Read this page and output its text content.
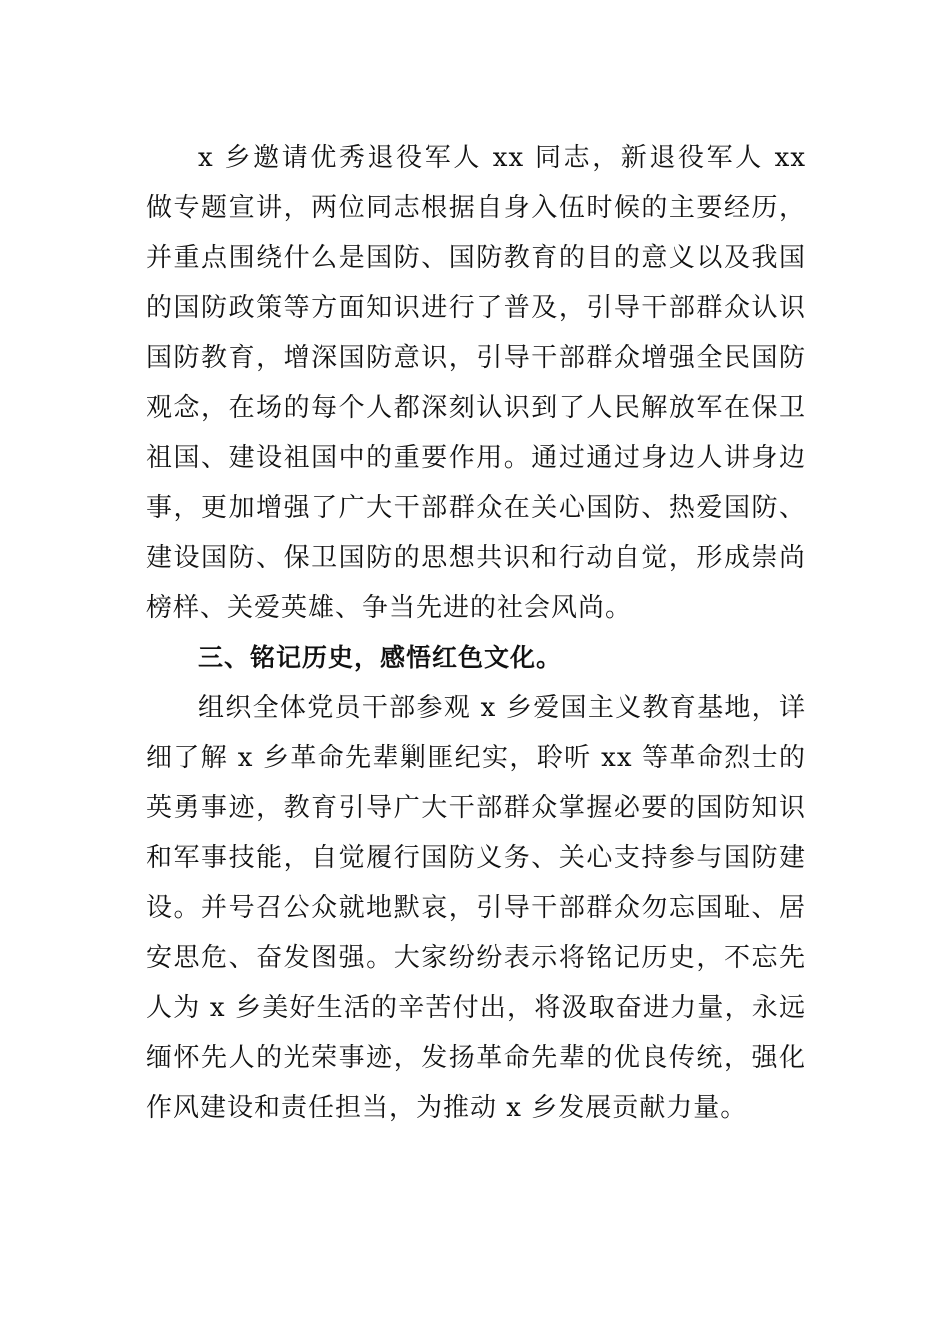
x 乡邀请优秀退役军人 xx 同志，新退役军人 xx 做专题宣讲，两位同志根据自身入伍时候的主要经历，并重点围绕什么是国防、国防教育的目的意义以及我国的国防政策等方面知识进行了普及，引导干部群众认识国防教育，增深国防意识，引导干部群众增强全民国防观念，在场的每个人都深刻认识到了人民解放军在保卫祖国、建设祖国中的重要作用。通过通过身边人讲身边事，更加增强了广大干部群众在关心国防、热爱国防、建设国防、保卫国防的思想共识和行动自觉，形成崇尚榜样、关爱英雄、争当先进的社会风尚。

三、铭记历史，感悟红色文化。

组织全体党员干部参观 x 乡爱国主义教育基地，详细了解 x 乡革命先辈剿匪纪实，聆听 xx 等革命烈士的英勇事迹，教育引导广大干部群众掌握必要的国防知识和军事技能，自觉履行国防义务、关心支持参与国防建设。并号召公众就地默哀，引导干部群众勿忘国耻、居安思危、奋发图强。大家纷纷表示将铭记历史，不忘先人为 x 乡美好生活的辛苦付出，将汲取奋进力量，永远缅怀先人的光荣事迹，发扬革命先辈的优良传统，强化作风建设和责任担当，为推动 x 乡发展贡献力量。
